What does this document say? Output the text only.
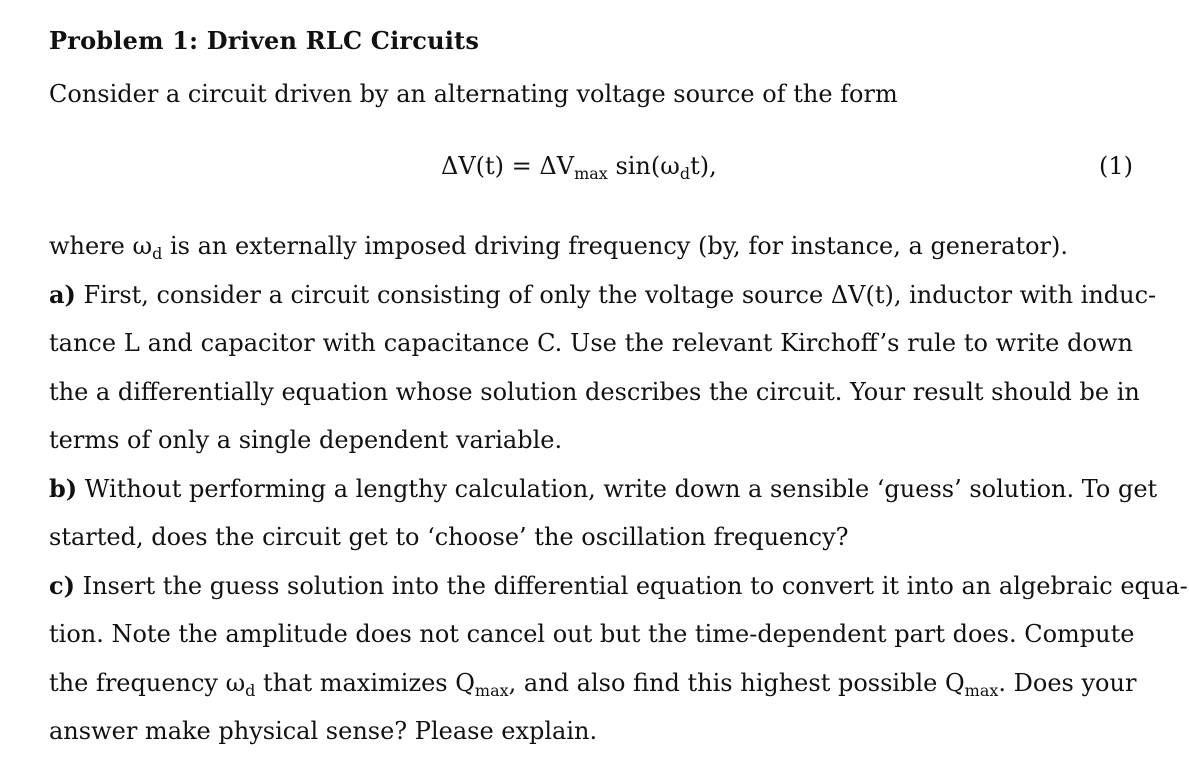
Problem 1: Driven RLC Circuits
Consider a circuit driven by an alternating voltage source of the form
$\Delta V(t) = \Delta V_{max}$ $\sin(\omega_dt)$,	(1)
where $\omega_d$ is an externally imposed driving frequency (by, for instance, a generator).
a) First, consider a circuit consisting of only the voltage source ΔV(t), inductor with induc-
tance L and capacitor with capacitance C. Use the relevant Kirchoff’s rule to write down
the a differentially equation whose solution describes the circuit. Your result should be in
terms of only a single dependent variable.
b) Without performing a lengthy calculation, write down a sensible ‘guess’ solution. To get
started, does the circuit get to ‘choose’ the oscillation frequency?
c) Insert the guess solution into the differential equation to convert it into an algebraic equa-
tion. Note the amplitude does not cancel out but the time-dependent part does. Compute
the frequency $\omega_d$ that maximizes $Q_{max}$, and also find this highest possible $Q_{max}$. Does your
answer make physical sense? Please explain.
